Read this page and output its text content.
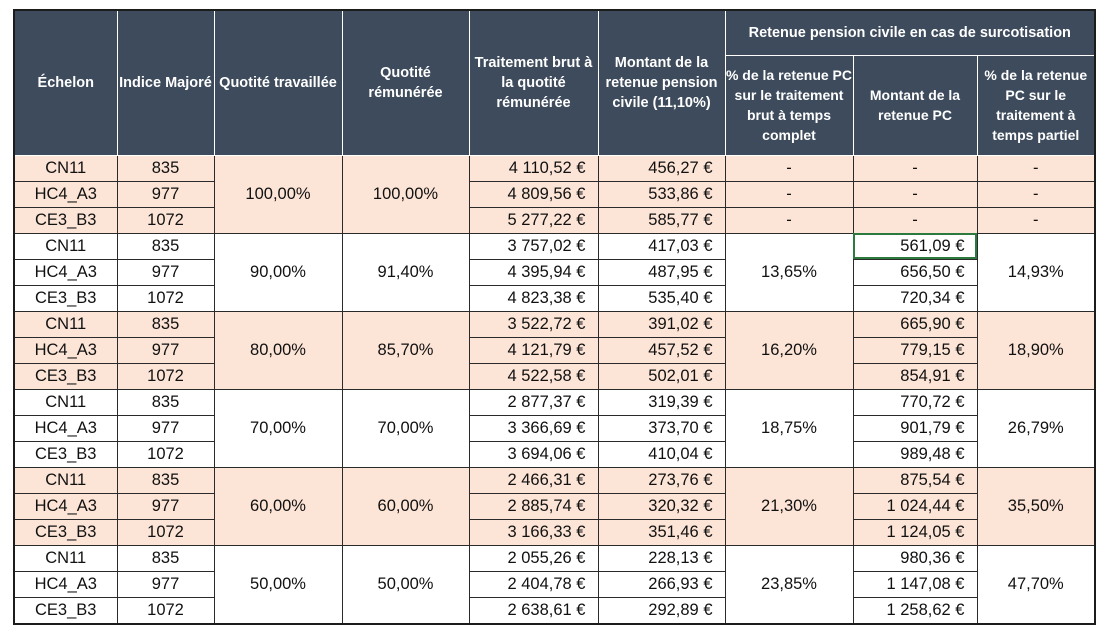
Échelon	Indice Majoré	Quotité travaillée	Quotité rémunérée	Traitement brut à la quotité rémunérée	Montant de la retenue pension civile (11,10%)	Retenue pension civile en cas de surcotisation		
						% de la retenue PC sur le traitement brut à temps complet	Montant de la retenue PC	% de la retenue PC sur le traitement à temps partiel
CN11	835	100,00%	100,00%	4 110,52 €	456,27 €	-	-	-
HC4_A3	977			4 809,56 €	533,86 €	-	-	-
CE3_B3	1072			5 277,22 €	585,77 €	-	-	-
CN11	835	90,00%	91,40%	3 757,02 €	417,03 €	13,65%	561,09 €	14,93%
HC4_A3	977			4 395,94 €	487,95 €		656,50 €	
CE3_B3	1072			4 823,38 €	535,40 €		720,34 €	
CN11	835	80,00%	85,70%	3 522,72 €	391,02 €	16,20%	665,90 €	18,90%
HC4_A3	977			4 121,79 €	457,52 €		779,15 €	
CE3_B3	1072			4 522,58 €	502,01 €		854,91 €	
CN11	835	70,00%	70,00%	2 877,37 €	319,39 €	18,75%	770,72 €	26,79%
HC4_A3	977			3 366,69 €	373,70 €		901,79 €	
CE3_B3	1072			3 694,06 €	410,04 €		989,48 €	
CN11	835	60,00%	60,00%	2 466,31 €	273,76 €	21,30%	875,54 €	35,50%
HC4_A3	977			2 885,74 €	320,32 €		1 024,44 €	
CE3_B3	1072			3 166,33 €	351,46 €		1 124,05 €	
CN11	835	50,00%	50,00%	2 055,26 €	228,13 €	23,85%	980,36 €	47,70%
HC4_A3	977			2 404,78 €	266,93 €		1 147,08 €	
CE3_B3	1072			2 638,61 €	292,89 €		1 258,62 €	
